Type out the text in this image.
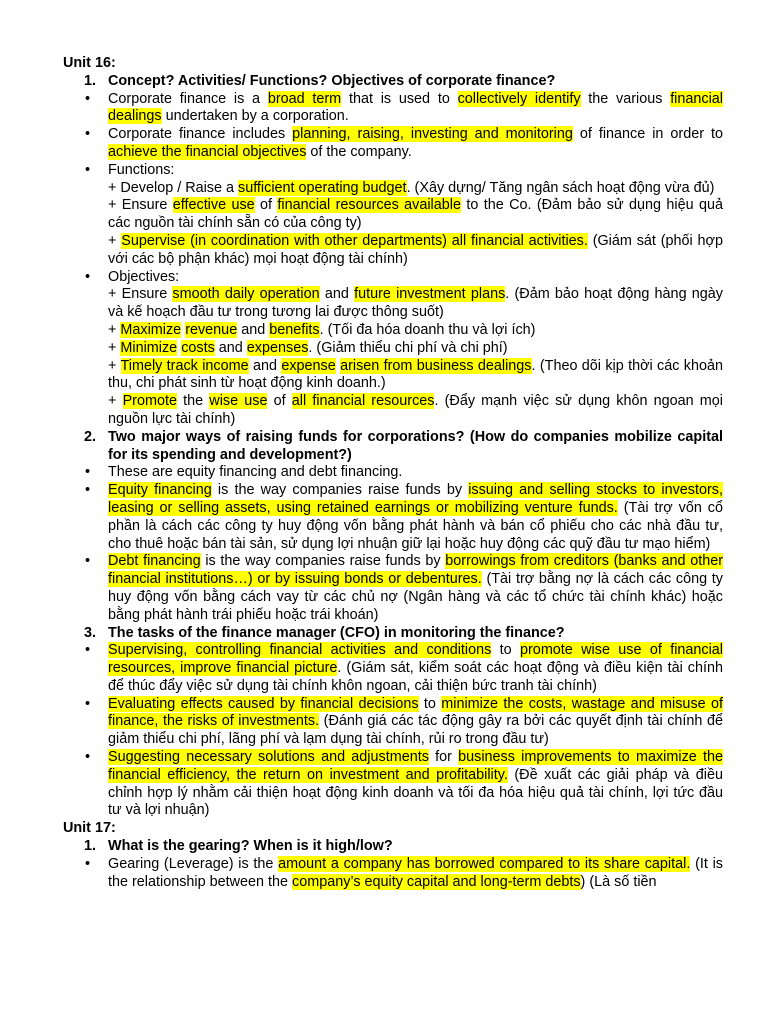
Unit 16:
1. Concept? Activities/ Functions? Objectives of corporate finance?
• Corporate finance is a broad term that is used to collectively identify the various financial dealings undertaken by a corporation.
• Corporate finance includes planning, raising, investing and monitoring of finance in order to achieve the financial objectives of the company.
• Functions:
+ Develop / Raise a sufficient operating budget. (Xây dựng/ Tăng ngân sách hoạt động vừa đủ)
+ Ensure effective use of financial resources available to the Co. (Đảm bảo sử dụng hiệu quả các nguồn tài chính sẵn có của công ty)
+ Supervise (in coordination with other departments) all financial activities. (Giám sát (phối hợp với các bộ phận khác) mọi hoạt động tài chính)
• Objectives:
+ Ensure smooth daily operation and future investment plans. (Đảm bảo hoạt động hàng ngày và kế hoạch đầu tư trong tương lai được thông suốt)
+ Maximize revenue and benefits. (Tối đa hóa doanh thu và lợi ích)
+ Minimize costs and expenses. (Giảm thiểu chi phí và chi phí)
+ Timely track income and expense arisen from business dealings. (Theo dõi kịp thời các khoản thu, chi phát sinh từ hoạt động kinh doanh.)
+ Promote the wise use of all financial resources. (Đẩy mạnh việc sử dụng khôn ngoan mọi nguồn lực tài chính)
2. Two major ways of raising funds for corporations? (How do companies mobilize capital for its spending and development?)
• These are equity financing and debt financing.
• Equity financing is the way companies raise funds by issuing and selling stocks to investors, leasing or selling assets, using retained earnings or mobilizing venture funds. (Tài trợ vốn cổ phần là cách các công ty huy động vốn bằng phát hành và bán cổ phiếu cho các nhà đầu tư, cho thuê hoặc bán tài sản, sử dụng lợi nhuận giữ lại hoặc huy động các quỹ đầu tư mạo hiểm)
• Debt financing is the way companies raise funds by borrowings from creditors (banks and other financial institutions…) or by issuing bonds or debentures. (Tài trợ bằng nợ là cách các công ty huy động vốn bằng cách vay từ các chủ nợ (Ngân hàng và các tổ chức tài chính khác) hoặc bằng phát hành trái phiếu hoặc trái khoán)
3. The tasks of the finance manager (CFO) in monitoring the finance?
• Supervising, controlling financial activities and conditions to promote wise use of financial resources, improve financial picture. (Giám sát, kiểm soát các hoạt động và điều kiện tài chính để thúc đẩy việc sử dụng tài chính khôn ngoan, cải thiện bức tranh tài chính)
• Evaluating effects caused by financial decisions to minimize the costs, wastage and misuse of finance, the risks of investments. (Đánh giá các tác động gây ra bởi các quyết định tài chính để giảm thiểu chi phí, lãng phí và lạm dụng tài chính, rủi ro trong đầu tư)
• Suggesting necessary solutions and adjustments for business improvements to maximize the financial efficiency, the return on investment and profitability. (Đề xuất các giải pháp và điều chỉnh hợp lý nhằm cải thiện hoạt động kinh doanh và tối đa hóa hiệu quả tài chính, lợi tức đầu tư và lợi nhuận)
Unit 17:
1. What is the gearing? When is it high/low?
• Gearing (Leverage) is the amount a company has borrowed compared to its share capital. (It is the relationship between the company’s equity capital and long-term debts) (Là số tiền
